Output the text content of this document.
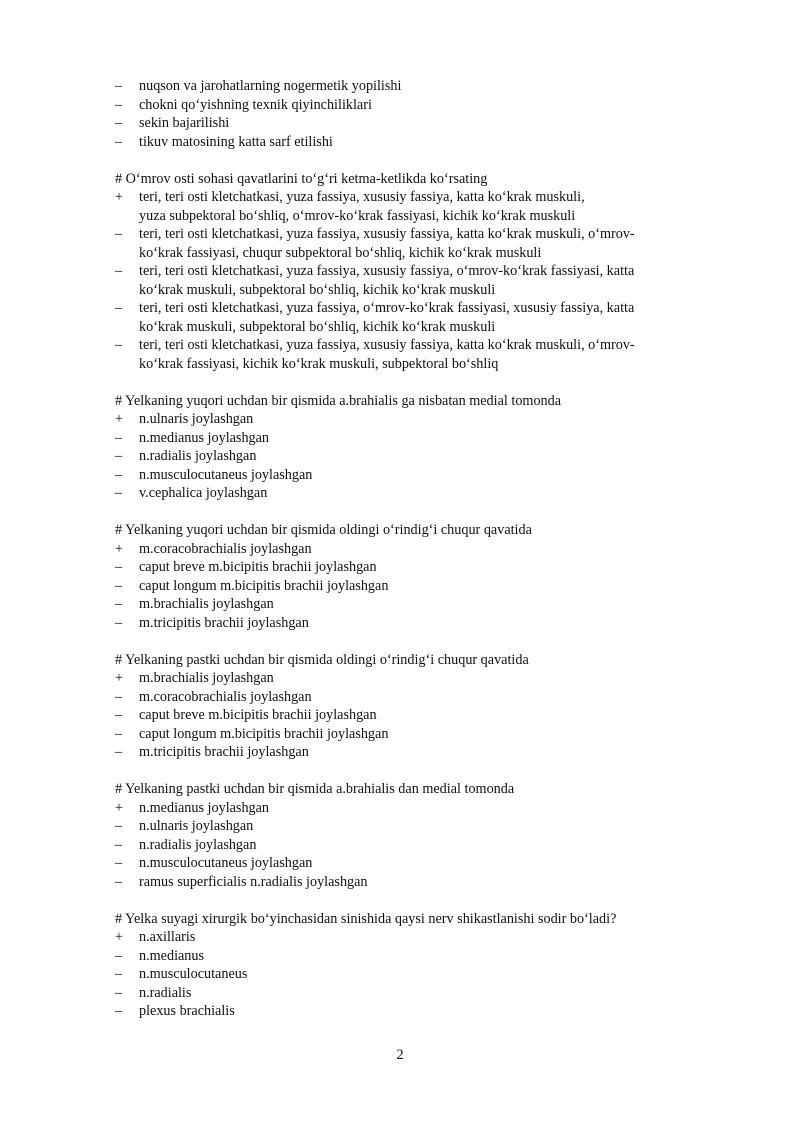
–	nuqson va jarohatlarning nogermetik yopilishi
–	chokni qo‘yishning texnik qiyinchiliklari
–	sekin bajarilishi
–	tikuv matosining katta sarf etilishi
# O‘mrov osti sohasi qavatlarini to‘g‘ri ketma-ketlikda ko‘rsating
+	teri, teri osti kletchatkasi, yuza fassiya, xususiy fassiya, katta ko‘krak muskuli,
yuza subpektoral bo‘shliq, o‘mrov-ko‘krak fassiyasi, kichik ko‘krak muskuli
–	teri, teri osti kletchatkasi, yuza fassiya, xususiy fassiya, katta ko‘krak muskuli, o‘mrov-
ko‘krak fassiyasi, chuqur subpektoral bo‘shliq, kichik ko‘krak muskuli
–	teri, teri osti kletchatkasi, yuza fassiya, xususiy fassiya, o‘mrov-ko‘krak fassiyasi, katta
ko‘krak muskuli, subpektoral bo‘shliq, kichik ko‘krak muskuli
–	teri, teri osti kletchatkasi, yuza fassiya, o‘mrov-ko‘krak fassiyasi, xususiy fassiya, katta
ko‘krak muskuli, subpektoral bo‘shliq, kichik ko‘krak muskuli
–	teri, teri osti kletchatkasi, yuza fassiya, xususiy fassiya, katta ko‘krak muskuli, o‘mrov-
ko‘krak fassiyasi, kichik ko‘krak muskuli, subpektoral bo‘shliq
# Yelkaning yuqori uchdan bir qismida a.brahialis ga nisbatan medial tomonda
+	n.ulnaris joylashgan
–	n.medianus joylashgan
–	n.radialis joylashgan
–	n.musculocutaneus joylashgan
–	v.cephalica joylashgan
# Yelkaning yuqori uchdan bir qismida oldingi o‘rindig‘i chuqur qavatida
+	m.coracobrachialis joylashgan
–	caput breve m.bicipitis brachii joylashgan
–	caput longum m.bicipitis brachii joylashgan
–	m.brachialis joylashgan
–	m.tricipitis brachii joylashgan
# Yelkaning pastki uchdan bir qismida oldingi o‘rindig‘i chuqur qavatida
+	m.brachialis joylashgan
–	m.coracobrachialis joylashgan
–	caput breve m.bicipitis brachii joylashgan
–	caput longum m.bicipitis brachii joylashgan
–	m.tricipitis brachii joylashgan
# Yelkaning pastki uchdan bir qismida a.brahialis dan medial tomonda
+	n.medianus joylashgan
–	n.ulnaris joylashgan
–	n.radialis joylashgan
–	n.musculocutaneus joylashgan
–	ramus superficialis n.radialis joylashgan
# Yelka suyagi xirurgik bo‘yinchasidan sinishida qaysi nerv shikastlanishi sodir bo‘ladi?
+	n.axillaris
–	n.medianus
–	n.musculocutaneus
–	n.radialis
–	plexus brachialis
2
